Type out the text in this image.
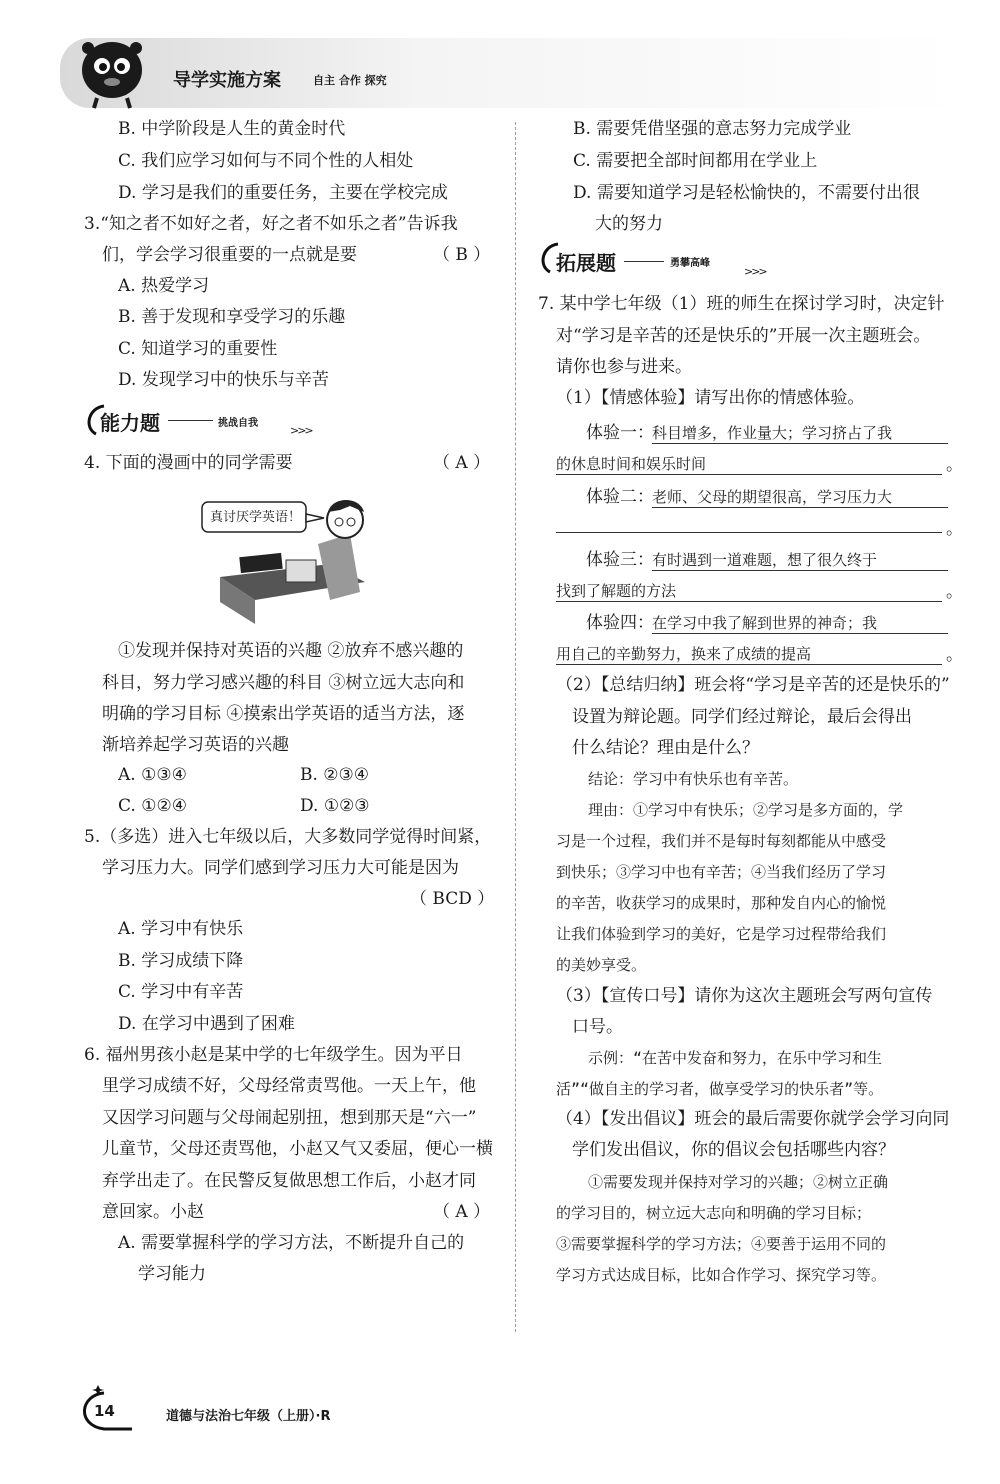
导学实施方案	自主 合作 探究
B. 中学阶段是人生的黄金时代
C. 我们应学习如何与不同个性的人相处
D. 学习是我们的重要任务，主要在学校完成
3.“知之者不如好之者，好之者不如乐之者”告诉我
们，学会学习很重要的一点就是要	（ B ）
A. 热爱学习
B. 善于发现和享受学习的乐趣
C. 知道学习的重要性
D. 发现学习中的快乐与辛苦
能力题	挑战自我
>>>
4. 下面的漫画中的同学需要	（ A ）
真讨厌学英语！
①发现并保持对英语的兴趣 ②放弃不感兴趣的
科目，努力学习感兴趣的科目 ③树立远大志向和
明确的学习目标 ④摸索出学英语的适当方法，逐
渐培养起学习英语的兴趣
A. ①③④	B. ②③④
C. ①②④	D. ①②③
5.（多选）进入七年级以后，大多数同学觉得时间紧，
学习压力大。同学们感到学习压力大可能是因为
（ BCD ）
A. 学习中有快乐
B. 学习成绩下降
C. 学习中有辛苦
D. 在学习中遇到了困难
6. 福州男孩小赵是某中学的七年级学生。因为平日
里学习成绩不好，父母经常责骂他。一天上午，他
又因学习问题与父母闹起别扭，想到那天是“六一”
儿童节，父母还责骂他，小赵又气又委屈，便心一横
弃学出走了。在民警反复做思想工作后，小赵才同
意回家。小赵	（ A ）
A. 需要掌握科学的学习方法，不断提升自己的
学习能力
B. 需要凭借坚强的意志努力完成学业
C. 需要把全部时间都用在学业上
D. 需要知道学习是轻松愉快的，不需要付出很
大的努力
拓展题	勇攀高峰
>>>
7. 某中学七年级（1）班的师生在探讨学习时，决定针
对“学习是辛苦的还是快乐的”开展一次主题班会。
请你也参与进来。
（1）【情感体验】请写出你的情感体验。
体验一：
科目增多，作业量大；学习挤占了我
的休息时间和娱乐时间	。
体验二：
老师、父母的期望很高，学习压力大
。
体验三：
有时遇到一道难题，想了很久终于
找到了解题的方法	。
体验四：
在学习中我了解到世界的神奇；我
用自己的辛勤努力，换来了成绩的提高	。
（2）【总结归纳】班会将“学习是辛苦的还是快乐的”
设置为辩论题。同学们经过辩论，最后会得出
什么结论？理由是什么？
结论：学习中有快乐也有辛苦。
理由：①学习中有快乐；②学习是多方面的，学
习是一个过程，我们并不是每时每刻都能从中感受
到快乐；③学习中也有辛苦；④当我们经历了学习
的辛苦，收获学习的成果时，那种发自内心的愉悦
让我们体验到学习的美好，它是学习过程带给我们
的美妙享受。
（3）【宣传口号】请你为这次主题班会写两句宣传
口号。
示例：“在苦中发奋和努力，在乐中学习和生
活”“做自主的学习者，做享受学习的快乐者”等。
（4）【发出倡议】班会的最后需要你就学会学习向同
学们发出倡议，你的倡议会包括哪些内容？
①需要发现并保持对学习的兴趣；②树立正确
的学习目的，树立远大志向和明确的学习目标；
③需要掌握科学的学习方法；④要善于运用不同的
学习方式达成目标，比如合作学习、探究学习等。
14	道德与法治七年级（上册）·R
